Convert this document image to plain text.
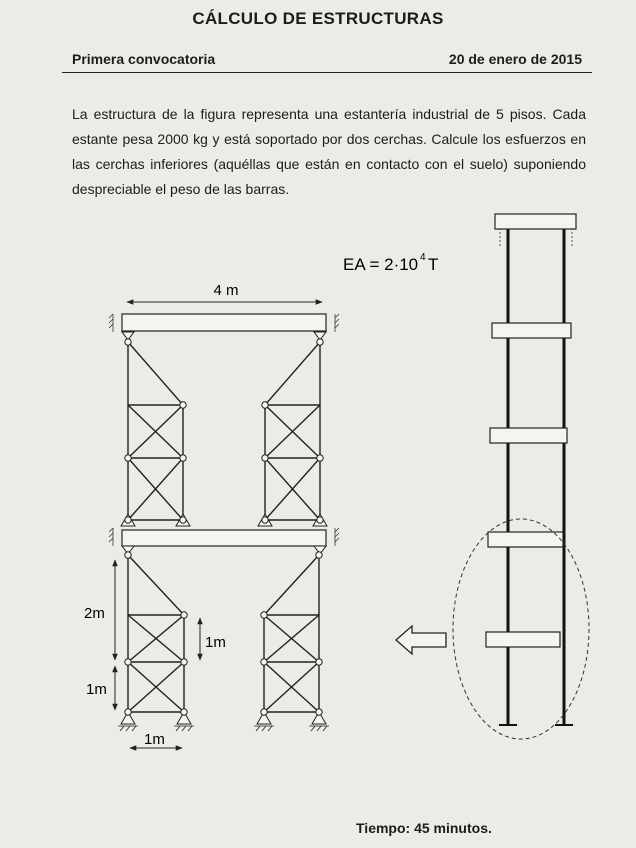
CÁLCULO DE ESTRUCTURAS
Primera convocatoria	20 de enero de 2015
La estructura de la figura representa una estantería industrial de 5 pisos. Cada estante pesa 2000 kg y está soportado por dos cerchas. Calcule los esfuerzos en las cerchas inferiores (aquéllas que están en contacto con el suelo) suponiendo despreciable el peso de las barras.
4 m
EA = 2·10 4 T
2m
1m
1m
1m
Tiempo: 45 minutos.
